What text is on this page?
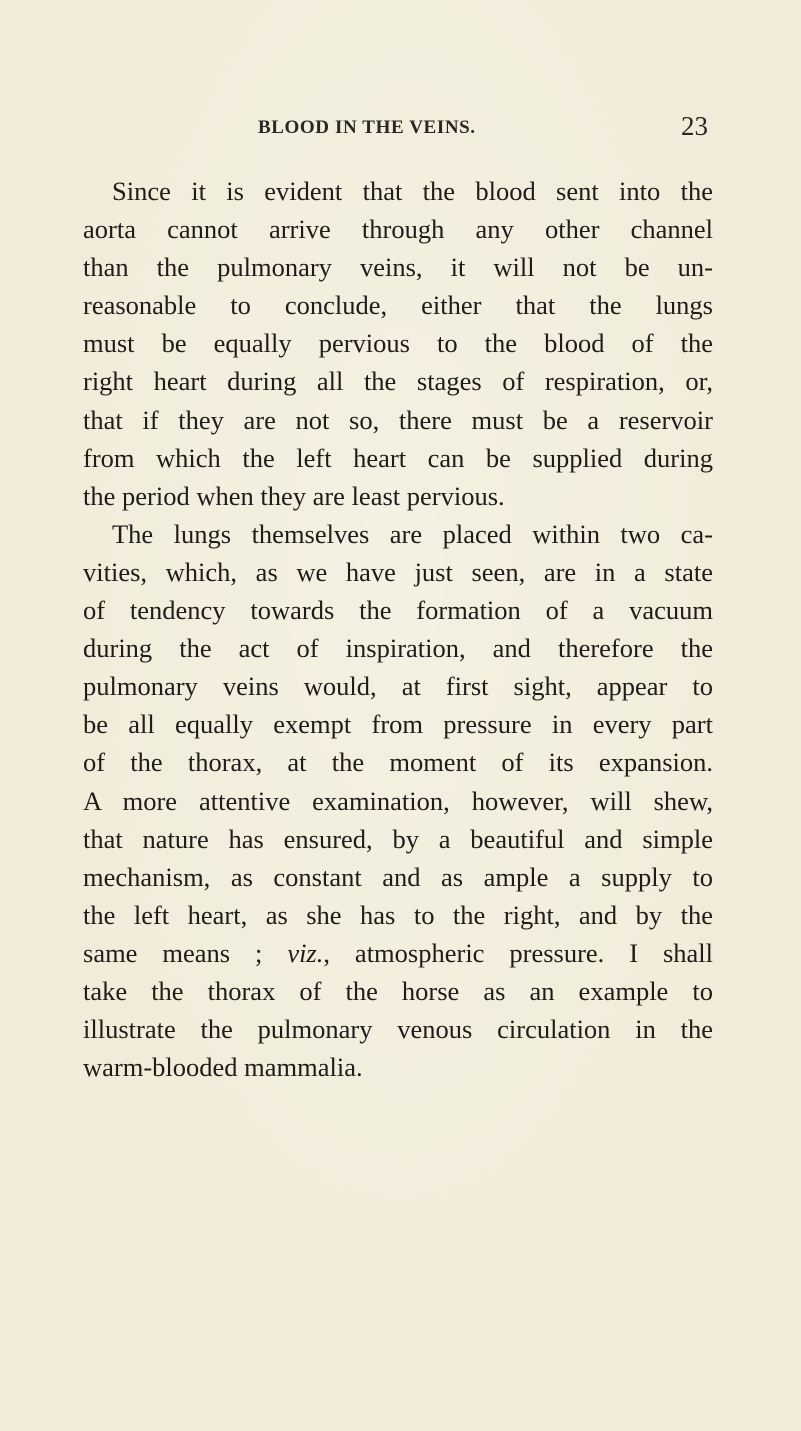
BLOOD IN THE VEINS.	23
Since it is evident that the blood sent into the
aorta cannot arrive through any other channel
than the pulmonary veins, it will not be un-
reasonable to conclude, either that the lungs
must be equally pervious to the blood of the
right heart during all the stages of respiration, or,
that if they are not so, there must be a reservoir
from which the left heart can be supplied during
the period when they are least pervious.
The lungs themselves are placed within two ca-
vities, which, as we have just seen, are in a state
of tendency towards the formation of a vacuum
during the act of inspiration, and therefore the
pulmonary veins would, at first sight, appear to
be all equally exempt from pressure in every part
of the thorax, at the moment of its expansion.
A more attentive examination, however, will shew,
that nature has ensured, by a beautiful and simple
mechanism, as constant and as ample a supply to
the left heart, as she has to the right, and by the
same means ; viz., atmospheric pressure. I shall
take the thorax of the horse as an example to
illustrate the pulmonary venous circulation in the
warm-blooded mammalia.
